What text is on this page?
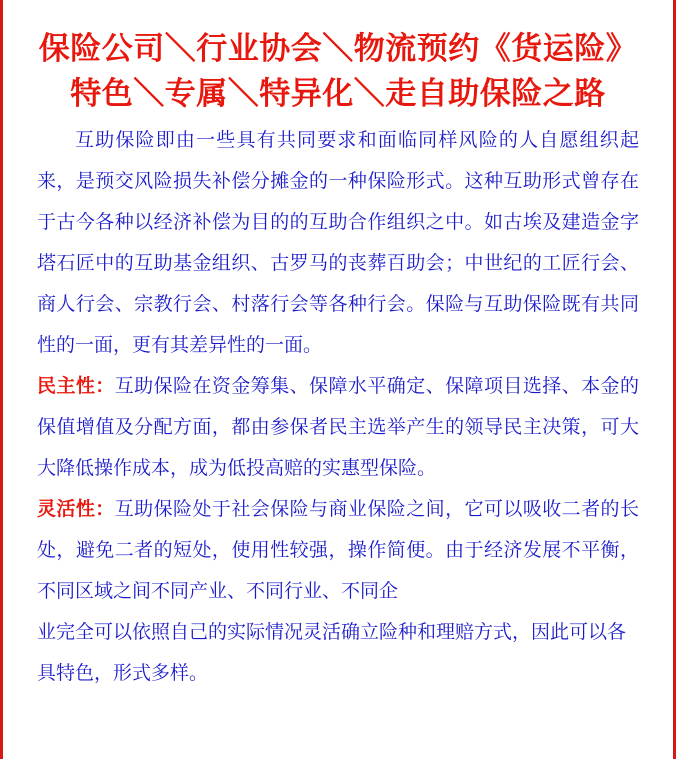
保险公司＼行业协会＼物流预约《货运险》
特色＼专属＼特异化＼走自助保险之路

互助保险即由一些具有共同要求和面临同样风险的人自愿组织起来，是预交风险损失补偿分摊金的一种保险形式。这种互助形式曾存在于古今各种以经济补偿为目的的互助合作组织之中。如古埃及建造金字塔石匠中的互助基金组织、古罗马的丧葬百助会；中世纪的工匠行会、商人行会、宗教行会、村落行会等各种行会。保险与互助保险既有共同性的一面，更有其差异性的一面。

民主性：互助保险在资金筹集、保障水平确定、保障项目选择、本金的保值增值及分配方面，都由参保者民主选举产生的领导民主决策，可大大降低操作成本，成为低投高赔的实惠型保险。

灵活性：互助保险处于社会保险与商业保险之间，它可以吸收二者的长处，避免二者的短处，使用性较强，操作简便。由于经济发展不平衡，不同区域之间不同产业、不同行业、不同企

业完全可以依照自己的实际情况灵活确立险种和理赔方式，因此可以各具特色，形式多样。
